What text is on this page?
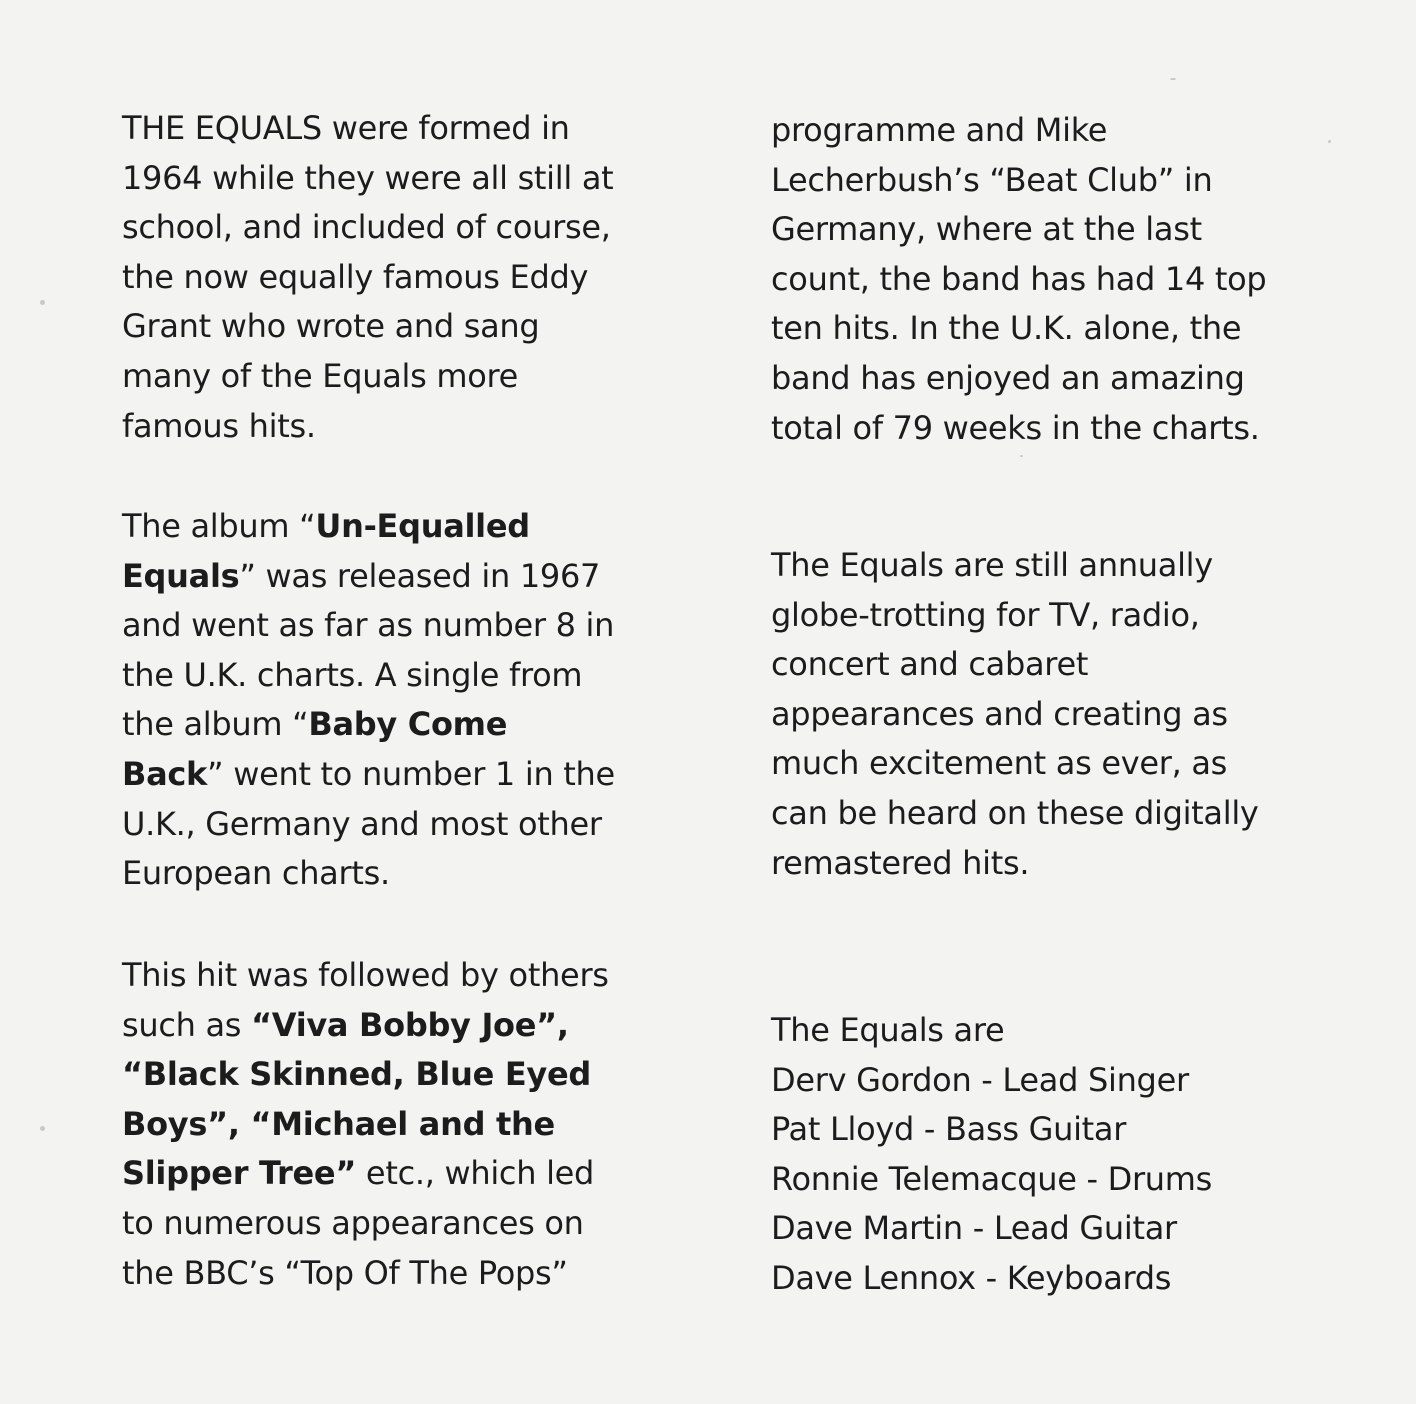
THE EQUALS were formed in
1964 while they were all still at
school, and included of course,
the now equally famous Eddy
Grant who wrote and sang
many of the Equals more
famous hits.
The album “Un-Equalled
Equals” was released in 1967
and went as far as number 8 in
the U.K. charts. A single from
the album “Baby Come
Back” went to number 1 in the
U.K., Germany and most other
European charts.
This hit was followed by others
such as “Viva Bobby Joe”,
“Black Skinned, Blue Eyed
Boys”, “Michael and the
Slipper Tree” etc., which led
to numerous appearances on
the BBC’s “Top Of The Pops”
programme and Mike
Lecherbush’s “Beat Club” in
Germany, where at the last
count, the band has had 14 top
ten hits. In the U.K. alone, the
band has enjoyed an amazing
total of 79 weeks in the charts.
The Equals are still annually
globe-trotting for TV, radio,
concert and cabaret
appearances and creating as
much excitement as ever, as
can be heard on these digitally
remastered hits.
The Equals are
Derv Gordon - Lead Singer
Pat Lloyd - Bass Guitar
Ronnie Telemacque - Drums
Dave Martin - Lead Guitar
Dave Lennox - Keyboards
